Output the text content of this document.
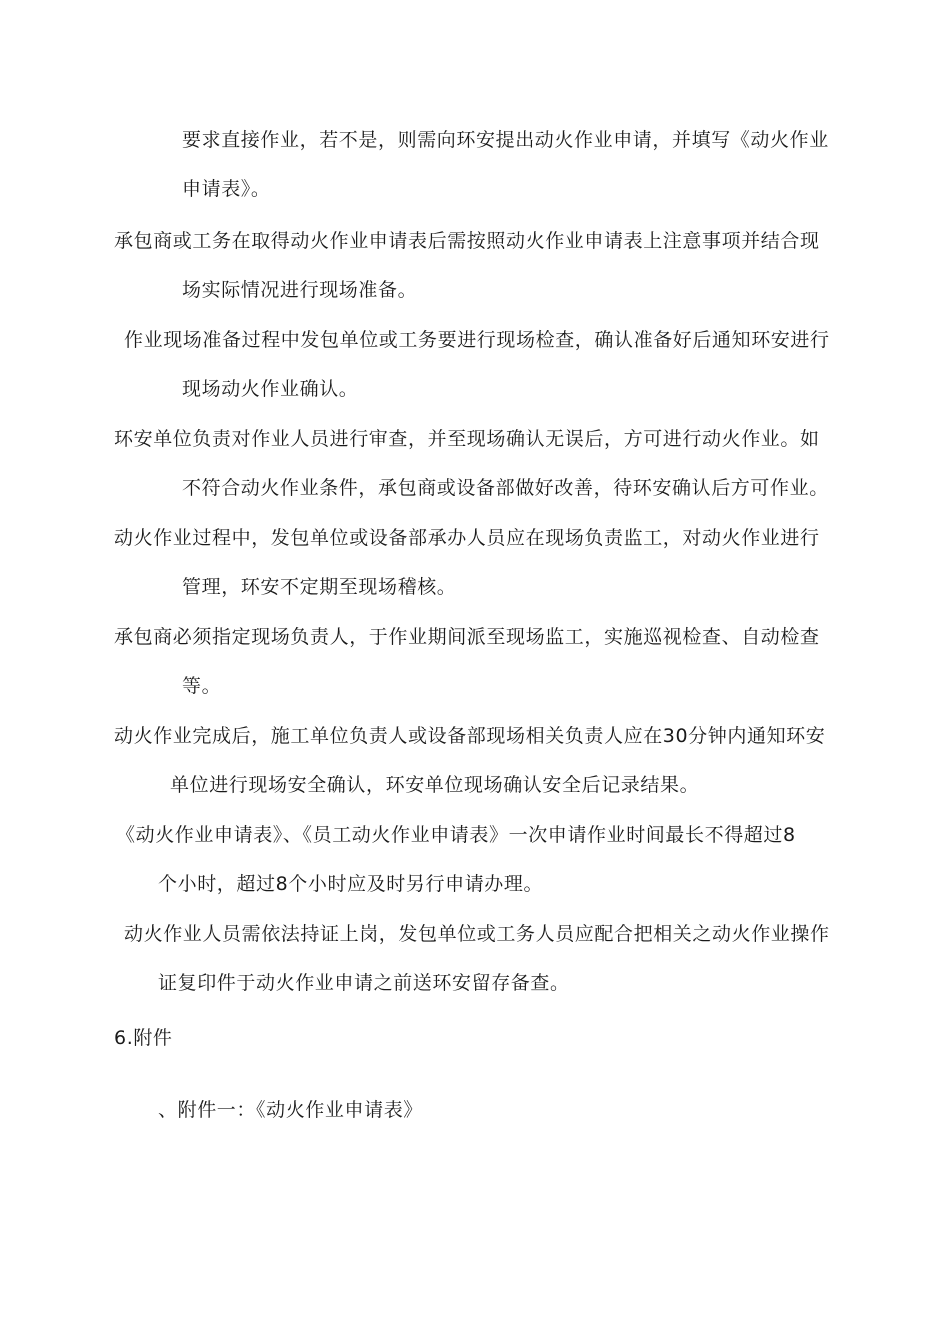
要求直接作业，若不是，则需向环安提出动火作业申请，并填写《动火作业
申请表》。
承包商或工务在取得动火作业申请表后需按照动火作业申请表上注意事项并结合现
场实际情况进行现场准备。
作业现场准备过程中发包单位或工务要进行现场检查，确认准备好后通知环安进行
现场动火作业确认。
环安单位负责对作业人员进行审查，并至现场确认无误后，方可进行动火作业。如
不符合动火作业条件，承包商或设备部做好改善，待环安确认后方可作业。
动火作业过程中，发包单位或设备部承办人员应在现场负责监工，对动火作业进行
管理，环安不定期至现场稽核。
承包商必须指定现场负责人，于作业期间派至现场监工，实施巡视检查、自动检查
等。
动火作业完成后，施工单位负责人或设备部现场相关负责人应在30分钟内通知环安
单位进行现场安全确认，环安单位现场确认安全后记录结果。
《动火作业申请表》、《员工动火作业申请表》一次申请作业时间最长不得超过8
个小时，超过8个小时应及时另行申请办理。
动火作业人员需依法持证上岗，发包单位或工务人员应配合把相关之动火作业操作
证复印件于动火作业申请之前送环安留存备查。
6.附件
、附件一：《动火作业申请表》
